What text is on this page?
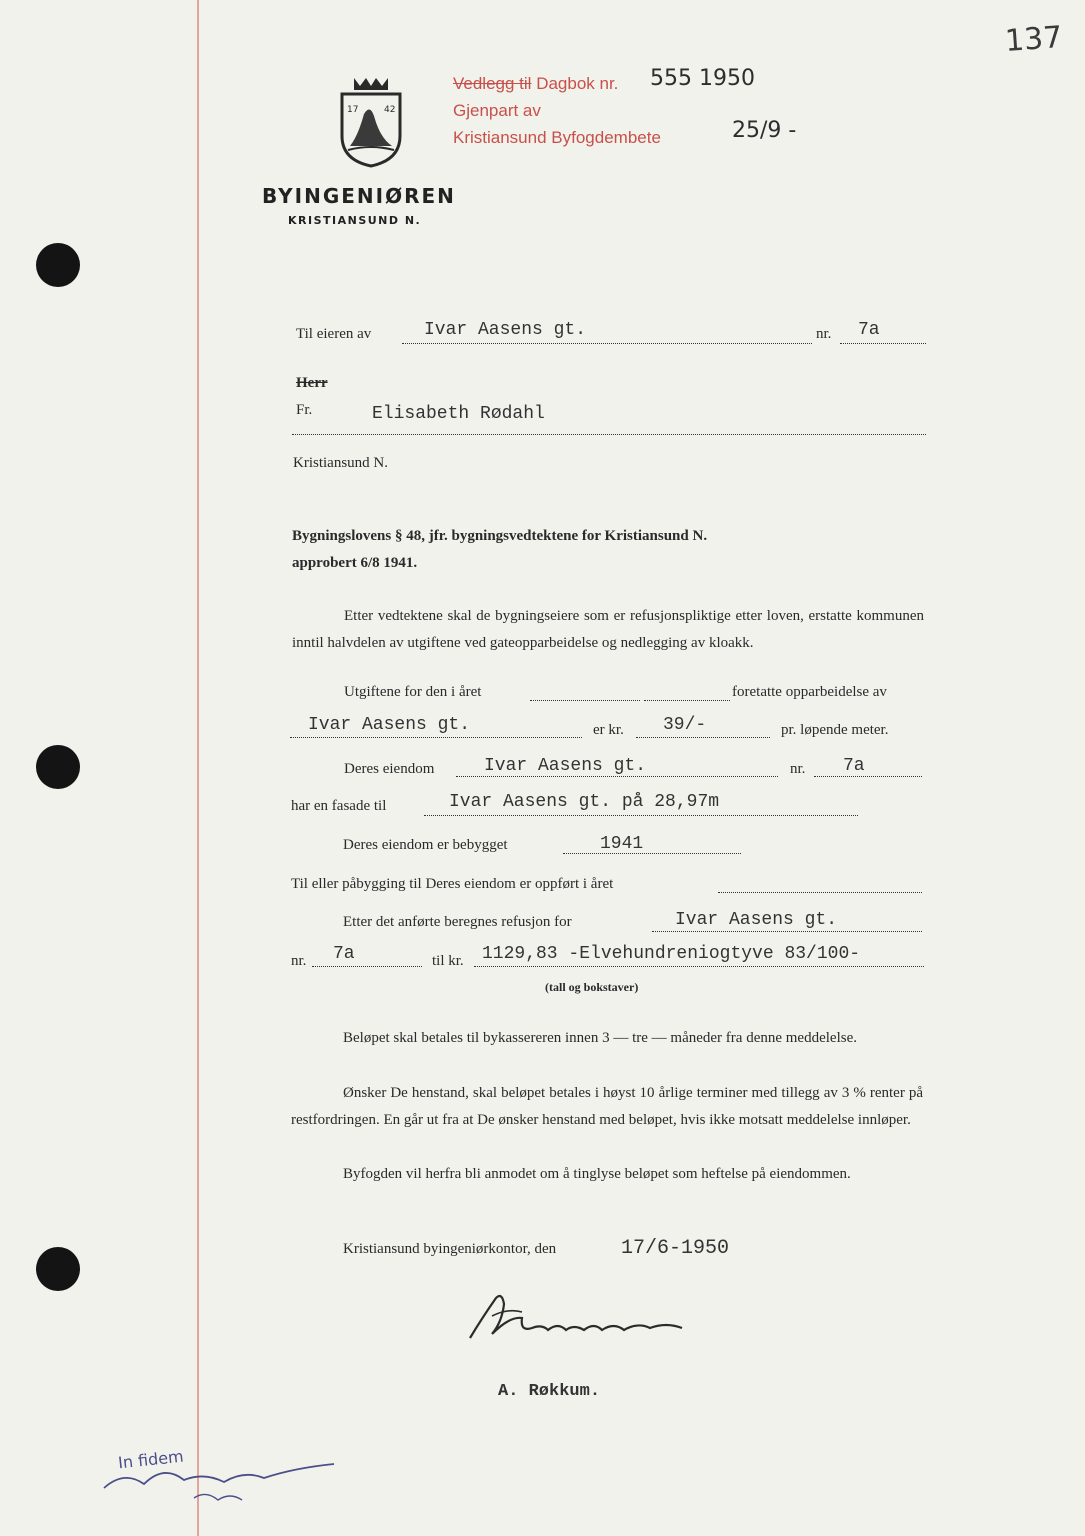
137
Vedlegg til Dagbok nr.
Gjenpart av
Kristiansund Byfogdembete
555 1950
25/9 -
17	42
BYINGENIØREN
KRISTIANSUND N.
Til eieren av	Ivar Aasens gt.	nr. 7a
Herr
Fr.	Elisabeth Rødahl
Kristiansund N.
Bygningslovens § 48, jfr. bygningsvedtektene for Kristiansund N.
approbert 6/8 1941.
Etter vedtektene skal de bygningseiere som er refusjonspliktige etter loven, erstatte kommunen inntil halvdelen av utgiftene ved gateopparbeidelse og nedlegging av kloakk.
Utgiftene for den i året	foretatte opparbeidelse av
Ivar Aasens gt.	er kr. 39/-	pr. løpende meter.
Deres eiendom	Ivar Aasens gt.	nr. 7a
har en fasade til	Ivar Aasens gt. på 28,97m
Deres eiendom er bebygget	1941
Til eller påbygging til Deres eiendom er oppført i året
Etter det anførte beregnes refusjon for	Ivar Aasens gt.
nr. 7a	til kr. 1129,83 -Elvehundreniogtyve 83/100-
(tall og bokstaver)
Beløpet skal betales til bykassereren innen 3 — tre — måneder fra denne meddelelse.
Ønsker De henstand, skal beløpet betales i høyst 10 årlige terminer med tillegg av 3 % renter på restfordringen. En går ut fra at De ønsker henstand med beløpet, hvis ikke motsatt meddelelse innløper.
Byfogden vil herfra bli anmodet om å tinglyse beløpet som heftelse på eiendommen.
Kristiansund byingeniørkontor, den	17/6-1950
A. Røkkum.
In fidem
